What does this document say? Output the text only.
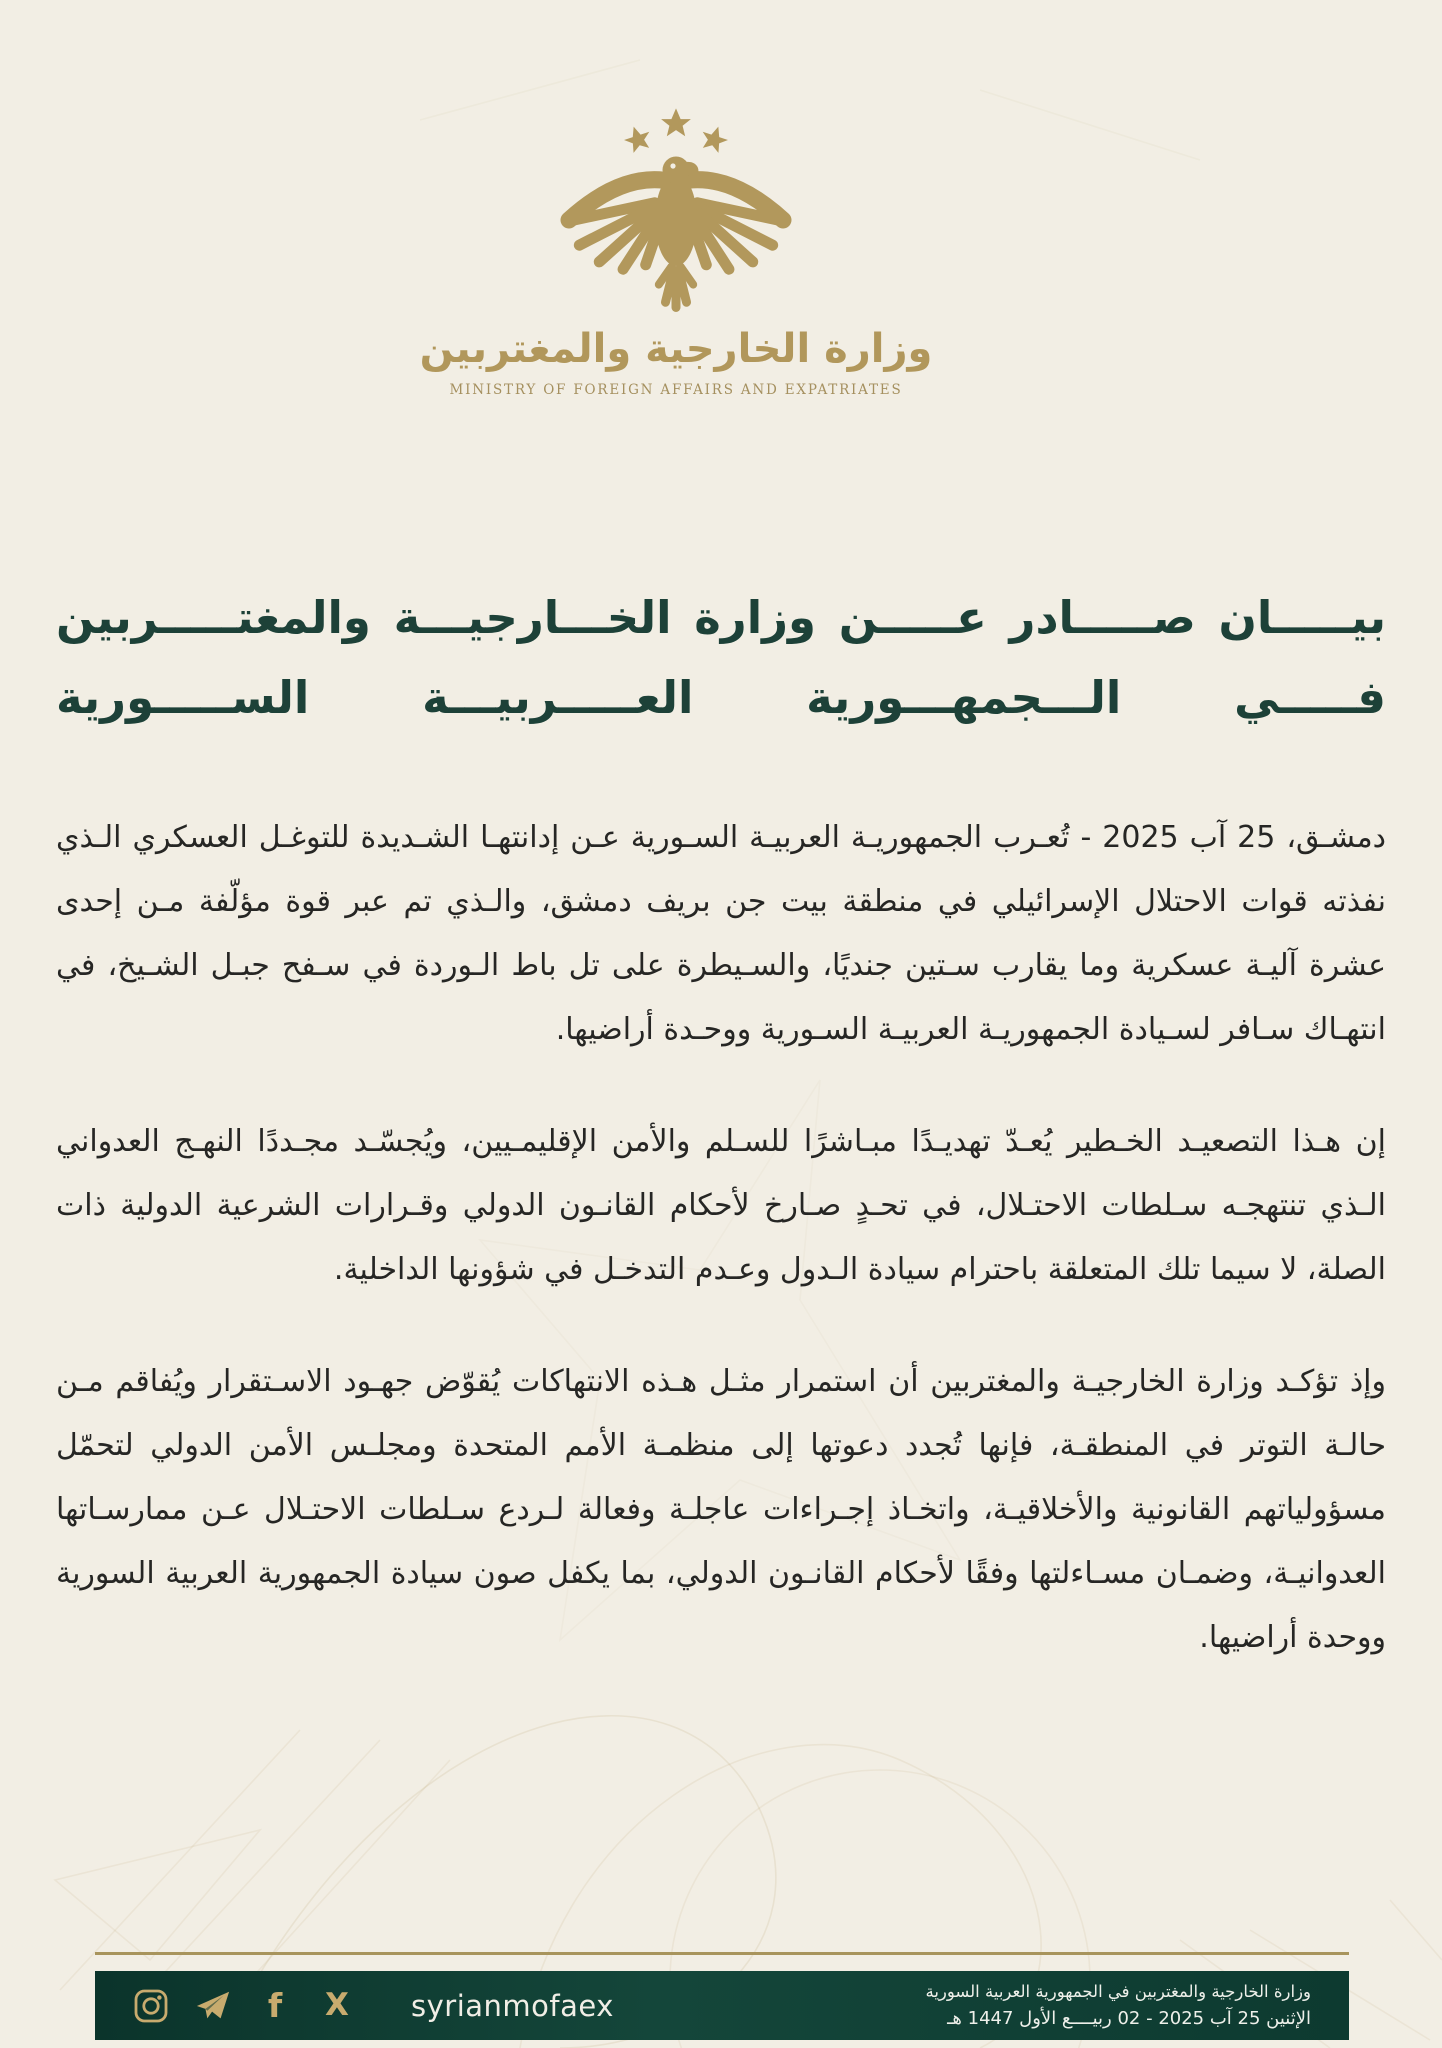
وزارة الخارجية والمغتربين
MINISTRY OF FOREIGN AFFAIRS AND EXPATRIATES
بيـــــان صـــــادر عـــــن وزارة الخـــارجيـــة والمغتـــــربين
فـــــي الـــجمهـــورية العـــــربيـــة الســـــورية

دمشـق، 25 آب 2025 - تُعـرب الجمهوريـة العربيـة السـورية عـن إدانتهـا الشـديدة للتوغـل العسكري الـذي نفذته قوات الاحتلال الإسرائيلي في منطقة بيت جن بريف دمشق، والـذي تم عبر قوة مؤلّفة مـن إحدى عشرة آليـة عسكرية وما يقارب سـتين جنديًا، والسـيطرة على تل باط الـوردة في سـفح جبـل الشـيخ، في انتهـاك سـافر لسـيادة الجمهوريـة العربيـة السـورية ووحـدة أراضيها.

إن هـذا التصعيـد الخـطير يُعـدّ تهديـدًا مبـاشرًا للسـلم والأمن الإقليمـيين، ويُجسّـد مجـددًا النهـج العدواني الـذي تنتهجـه سـلطات الاحتـلال، في تحـدٍ صـارخ لأحكام القانـون الدولي وقـرارات الشرعية الدولية ذات الصلة، لا سيما تلك المتعلقة باحترام سيادة الـدول وعـدم التدخـل في شؤونها الداخلية.

وإذ تؤكـد وزارة الخارجيـة والمغتربين أن استمرار مثـل هـذه الانتهاكات يُقوّض جهـود الاسـتقرار ويُفاقم مـن حالـة التوتر في المنطقـة، فإنها تُجدد دعوتها إلى منظمـة الأمم المتحدة ومجلـس الأمن الدولي لتحمّل مسؤولياتهم القانونية والأخلاقيـة، واتخـاذ إجـراءات عاجلـة وفعالة لـردع سـلطات الاحتـلال عـن ممارسـاتها العدوانيـة، وضمـان مسـاءلتها وفقًا لأحكام القانـون الدولي، بما يكفل صون سيادة الجمهورية العربية السورية ووحدة أراضيها.

f X syrianmofaex	وزارة الخارجية والمغتربين في الجمهورية العربية السورية
الإثنين 25 آب 2025 - 02 ربيــــع الأول 1447 هـ
